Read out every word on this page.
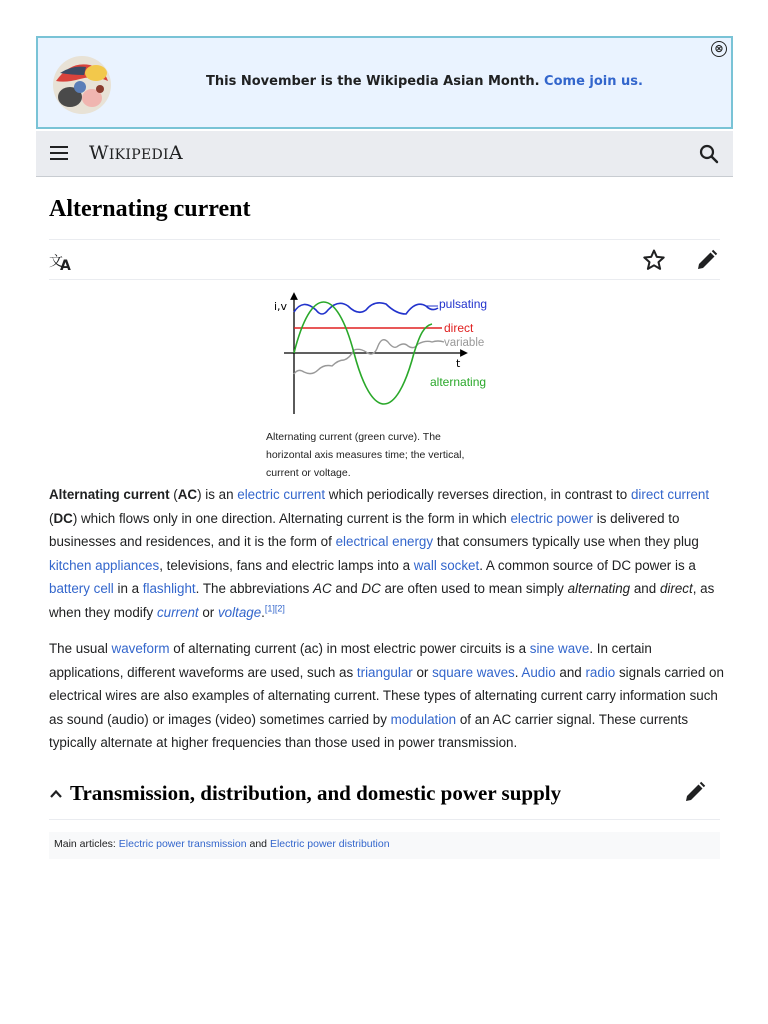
This November is the Wikipedia Asian Month. Come join us.
⊗
WIKIPEDIA
Alternating current
文
A
i,v
t
pulsating
direct
variable
alternating
Alternating current (green curve). The horizontal axis measures time; the vertical, current or voltage.

Alternating current (AC) is an electric current which periodically reverses direction, in contrast to direct current (DC) which flows only in one direction. Alternating current is the form in which electric power is delivered to businesses and residences, and it is the form of electrical energy that consumers typically use when they plug kitchen appliances, televisions, fans and electric lamps into a wall socket. A common source of DC power is a battery cell in a flashlight. The abbreviations AC and DC are often used to mean simply alternating and direct, as when they modify current or voltage.[1][2]

The usual waveform of alternating current (ac) in most electric power circuits is a sine wave. In certain applications, different waveforms are used, such as triangular or square waves. Audio and radio signals carried on electrical wires are also examples of alternating current. These types of alternating current carry information such as sound (audio) or images (video) sometimes carried by modulation of an AC carrier signal. These currents typically alternate at higher frequencies than those used in power transmission.

Transmission, distribution, and domestic power supply
Main articles: Electric power transmission and Electric power distribution
